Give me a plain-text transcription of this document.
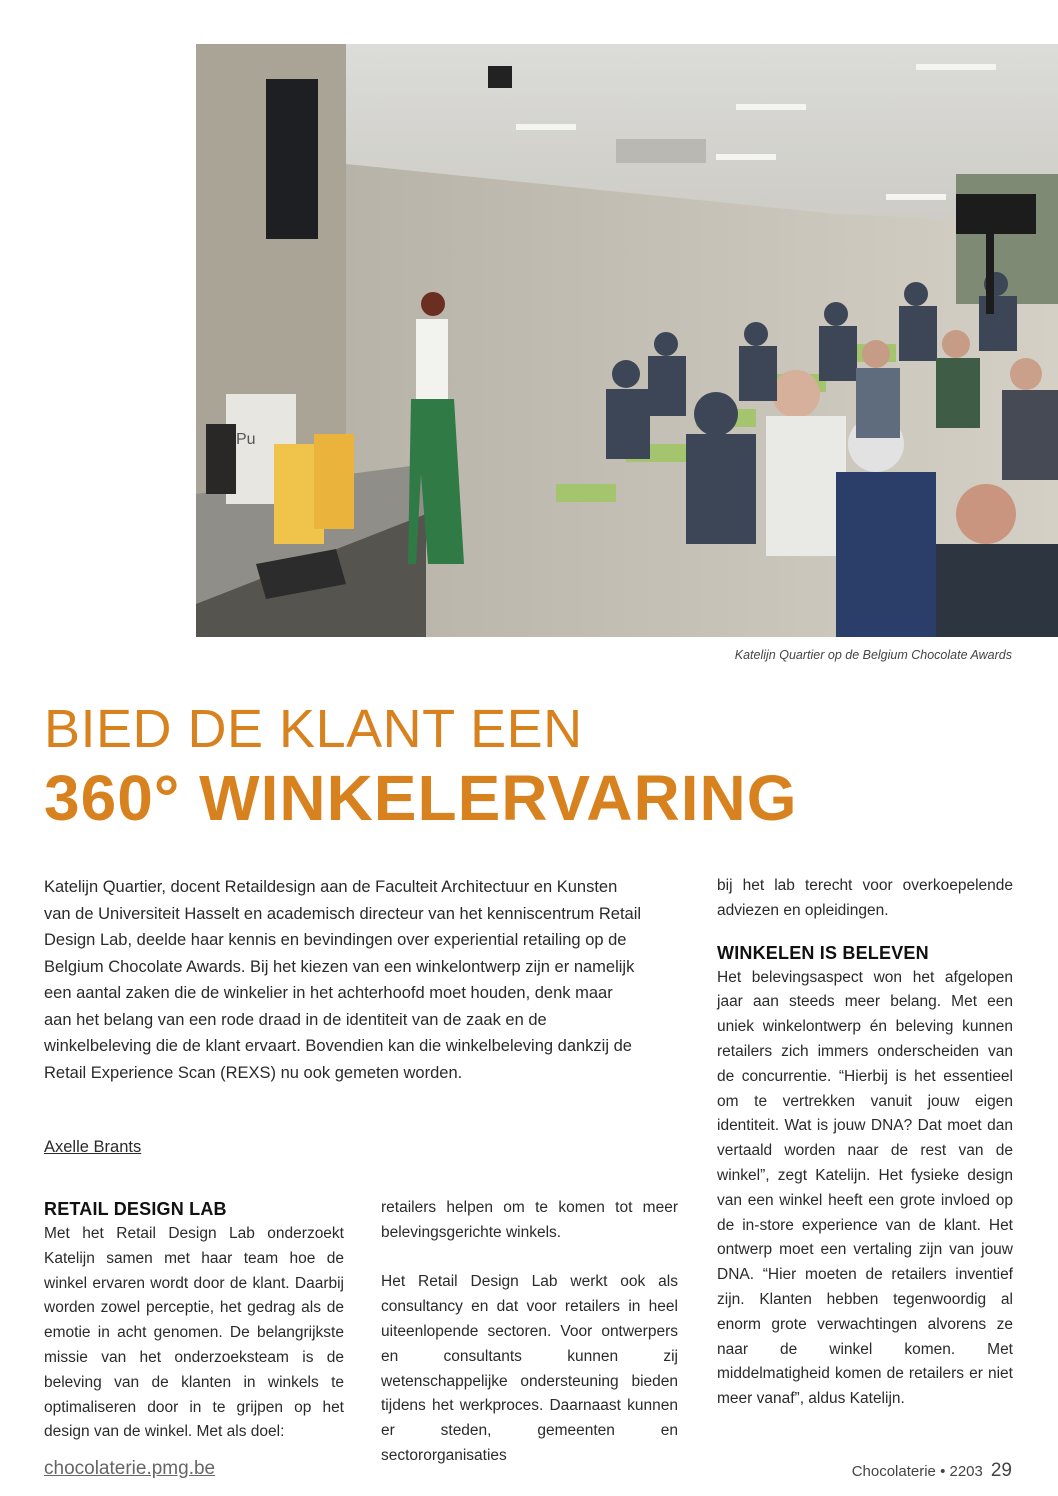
Pu
Katelijn Quartier op de Belgium Chocolate Awards
BIED DE KLANT EEN
360° WINKELERVARING

Katelijn Quartier, docent Retaildesign aan de Faculteit Architectuur en Kunsten van de Universiteit Hasselt en academisch directeur van het kenniscentrum Retail Design Lab, deelde haar kennis en bevindingen over experiential retailing op de Belgium Chocolate Awards. Bij het kiezen van een winkelontwerp zijn er namelijk een aantal zaken die de winkelier in het achterhoofd moet houden, denk maar aan het belang van een rode draad in de identiteit van de zaak en de winkelbeleving die de klant ervaart. Bovendien kan die winkelbeleving dankzij de Retail Experience Scan (REXS) nu ook gemeten worden.

Axelle Brants
RETAIL DESIGN LAB

Met het Retail Design Lab onderzoekt Katelijn samen met haar team hoe de winkel ervaren wordt door de klant. Daarbij worden zowel perceptie, het gedrag als de emotie in acht genomen. De belangrijkste missie van het onderzoeksteam is de beleving van de klanten in winkels te optimaliseren door in te grijpen op het design van de winkel. Met als doel:

retailers helpen om te komen tot meer belevingsgerichte winkels.

Het Retail Design Lab werkt ook als consultancy en dat voor retailers in heel uiteenlopende sectoren. Voor ontwerpers en consultants kunnen zij wetenschappelijke ondersteuning bieden tijdens het werkproces. Daarnaast kunnen er steden, gemeenten en sectororganisaties

bij het lab terecht voor overkoepelende adviezen en opleidingen.

WINKELEN IS BELEVEN

Het belevingsaspect won het afgelopen jaar aan steeds meer belang. Met een uniek winkelontwerp én beleving kunnen retailers zich immers onderscheiden van de concurrentie. “Hierbij is het essentieel om te vertrekken vanuit jouw eigen identiteit. Wat is jouw DNA? Dat moet dan vertaald worden naar de rest van de winkel”, zegt Katelijn. Het fysieke design van een winkel heeft een grote invloed op de in-store experience van de klant. Het ontwerp moet een vertaling zijn van jouw DNA. “Hier moeten de retailers inventief zijn. Klanten hebben tegenwoordig al enorm grote verwachtingen alvorens ze naar de winkel komen. Met middelmatigheid komen de retailers er niet meer vanaf”, aldus Katelijn.

chocolaterie.pmg.be	Chocolaterie • 2203 29
